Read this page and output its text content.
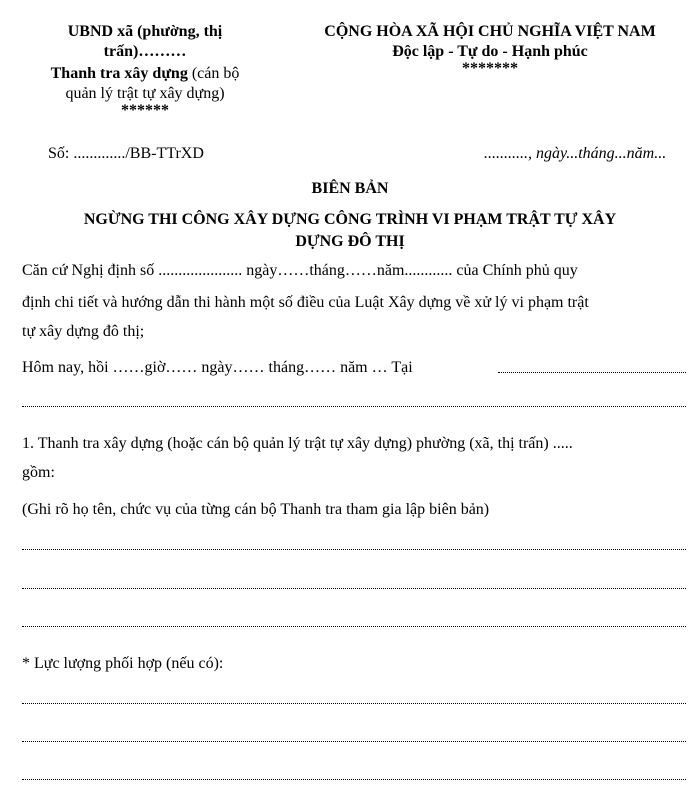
UBND xã (phường, thị
trấn)………
Thanh tra xây dựng (cán bộ
quản lý trật tự xây dựng)
******
CỘNG HÒA XÃ HỘI CHỦ NGHĨA VIỆT NAM
Độc lập - Tự do - Hạnh phúc
*******
Số: ............./BB-TTrXD	..........., ngày...tháng...năm...
BIÊN BẢN
NGỪNG THI CÔNG XÂY DỰNG CÔNG TRÌNH VI PHẠM TRẬT TỰ XÂY
DỰNG ĐÔ THỊ
Căn cứ Nghị định số ..................... ngày……tháng……năm............ của Chính phủ quy
định chi tiết và hướng dẫn thi hành một số điều của Luật Xây dựng về xử lý vi phạm trật
tự xây dựng đô thị;
Hôm nay, hồi ……giờ…… ngày…… tháng…… năm … Tại
1. Thanh tra xây dựng (hoặc cán bộ quản lý trật tự xây dựng) phường (xã, thị trấn) .....
gồm:
(Ghi rõ họ tên, chức vụ của từng cán bộ Thanh tra tham gia lập biên bản)
* Lực lượng phối hợp (nếu có):
